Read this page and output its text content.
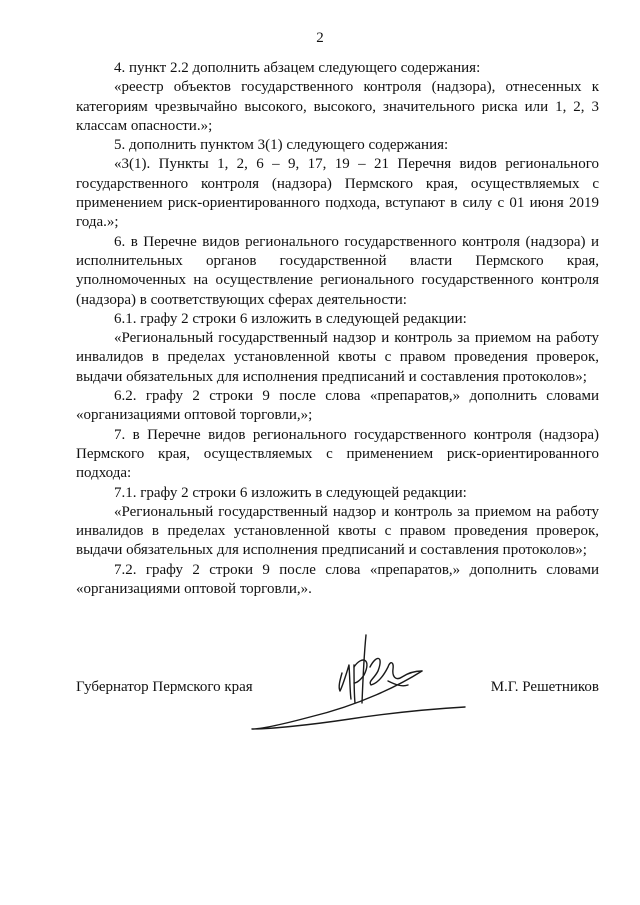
2

4. пункт 2.2 дополнить абзацем следующего содержания:

«реестр объектов государственного контроля (надзора), отнесенных к категориям чрезвычайно высокого, высокого, значительного риска или 1, 2, 3 классам опасности.»;

5. дополнить пунктом 3(1) следующего содержания:

«3(1). Пункты 1, 2, 6 – 9, 17, 19 – 21 Перечня видов регионального государственного контроля (надзора) Пермского края, осуществляемых с применением риск-ориентированного подхода, вступают в силу с 01 июня 2019 года.»;

6. в Перечне видов регионального государственного контроля (надзора) и исполнительных органов государственной власти Пермского края, уполномоченных на осуществление регионального государственного контроля (надзора) в соответствующих сферах деятельности:

6.1. графу 2 строки 6 изложить в следующей редакции:

«Региональный государственный надзор и контроль за приемом на работу инвалидов в пределах установленной квоты с правом проведения проверок, выдачи обязательных для исполнения предписаний и составления протоколов»;

6.2. графу 2 строки 9 после слова «препаратов,» дополнить словами «организациями оптовой торговли,»;

7. в Перечне видов регионального государственного контроля (надзора) Пермского края, осуществляемых с применением риск-ориентированного подхода:

7.1. графу 2 строки 6 изложить в следующей редакции:

«Региональный государственный надзор и контроль за приемом на работу инвалидов в пределах установленной квоты с правом проведения проверок, выдачи обязательных для исполнения предписаний и составления протоколов»;

7.2. графу 2 строки 9 после слова «препаратов,» дополнить словами «организациями оптовой торговли,».

Губернатор Пермского края	М.Г. Решетников
